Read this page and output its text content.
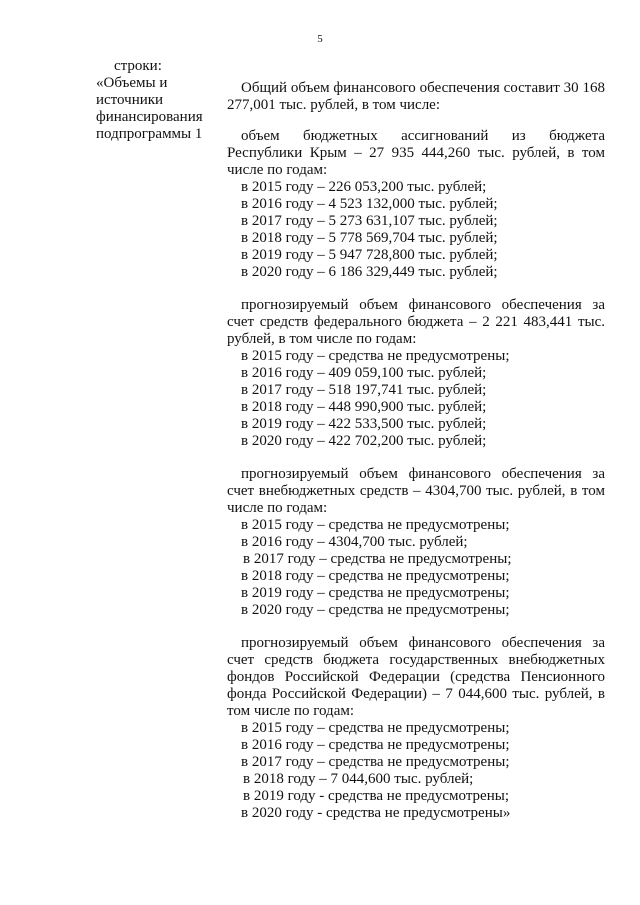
5
строки:
«Объемы и
источники
финансирования
подпрограммы 1

Общий объем финансового обеспечения составит 30 168 277,001 тыс. рублей, в том числе:

объем бюджетных ассигнований из бюджета Республики Крым – 27 935 444,260 тыс. рублей, в том числе по годам:

в 2015 году – 226 053,200 тыс. рублей;
в 2016 году – 4 523 132,000 тыс. рублей;
в 2017 году – 5 273 631,107 тыс. рублей;
в 2018 году – 5 778 569,704 тыс. рублей;
в 2019 году – 5 947 728,800 тыс. рублей;
в 2020 году – 6 186 329,449 тыс. рублей;

прогнозируемый объем финансового обеспечения за счет средств федерального бюджета – 2 221 483,441 тыс. рублей, в том числе по годам:

в 2015 году – средства не предусмотрены;
в 2016 году – 409 059,100 тыс. рублей;
в 2017 году – 518 197,741 тыс. рублей;
в 2018 году – 448 990,900 тыс. рублей;
в 2019 году – 422 533,500 тыс. рублей;
в 2020 году – 422 702,200 тыс. рублей;

прогнозируемый объем финансового обеспечения за счет внебюджетных средств – 4304,700 тыс. рублей, в том числе по годам:

в 2015 году – средства не предусмотрены;
в 2016 году – 4304,700 тыс. рублей;
в 2017 году – средства не предусмотрены;
в 2018 году – средства не предусмотрены;
в 2019 году – средства не предусмотрены;
в 2020 году – средства не предусмотрены;

прогнозируемый объем финансового обеспечения за счет средств бюджета государственных внебюджетных фондов Российской Федерации (средства Пенсионного фонда Российской Федерации) – 7 044,600 тыс. рублей, в том числе по годам:

в 2015 году – средства не предусмотрены;
в 2016 году – средства не предусмотрены;
в 2017 году – средства не предусмотрены;
в 2018 году – 7 044,600 тыс. рублей;
в 2019 году - средства не предусмотрены;
в 2020 году - средства не предусмотрены»
